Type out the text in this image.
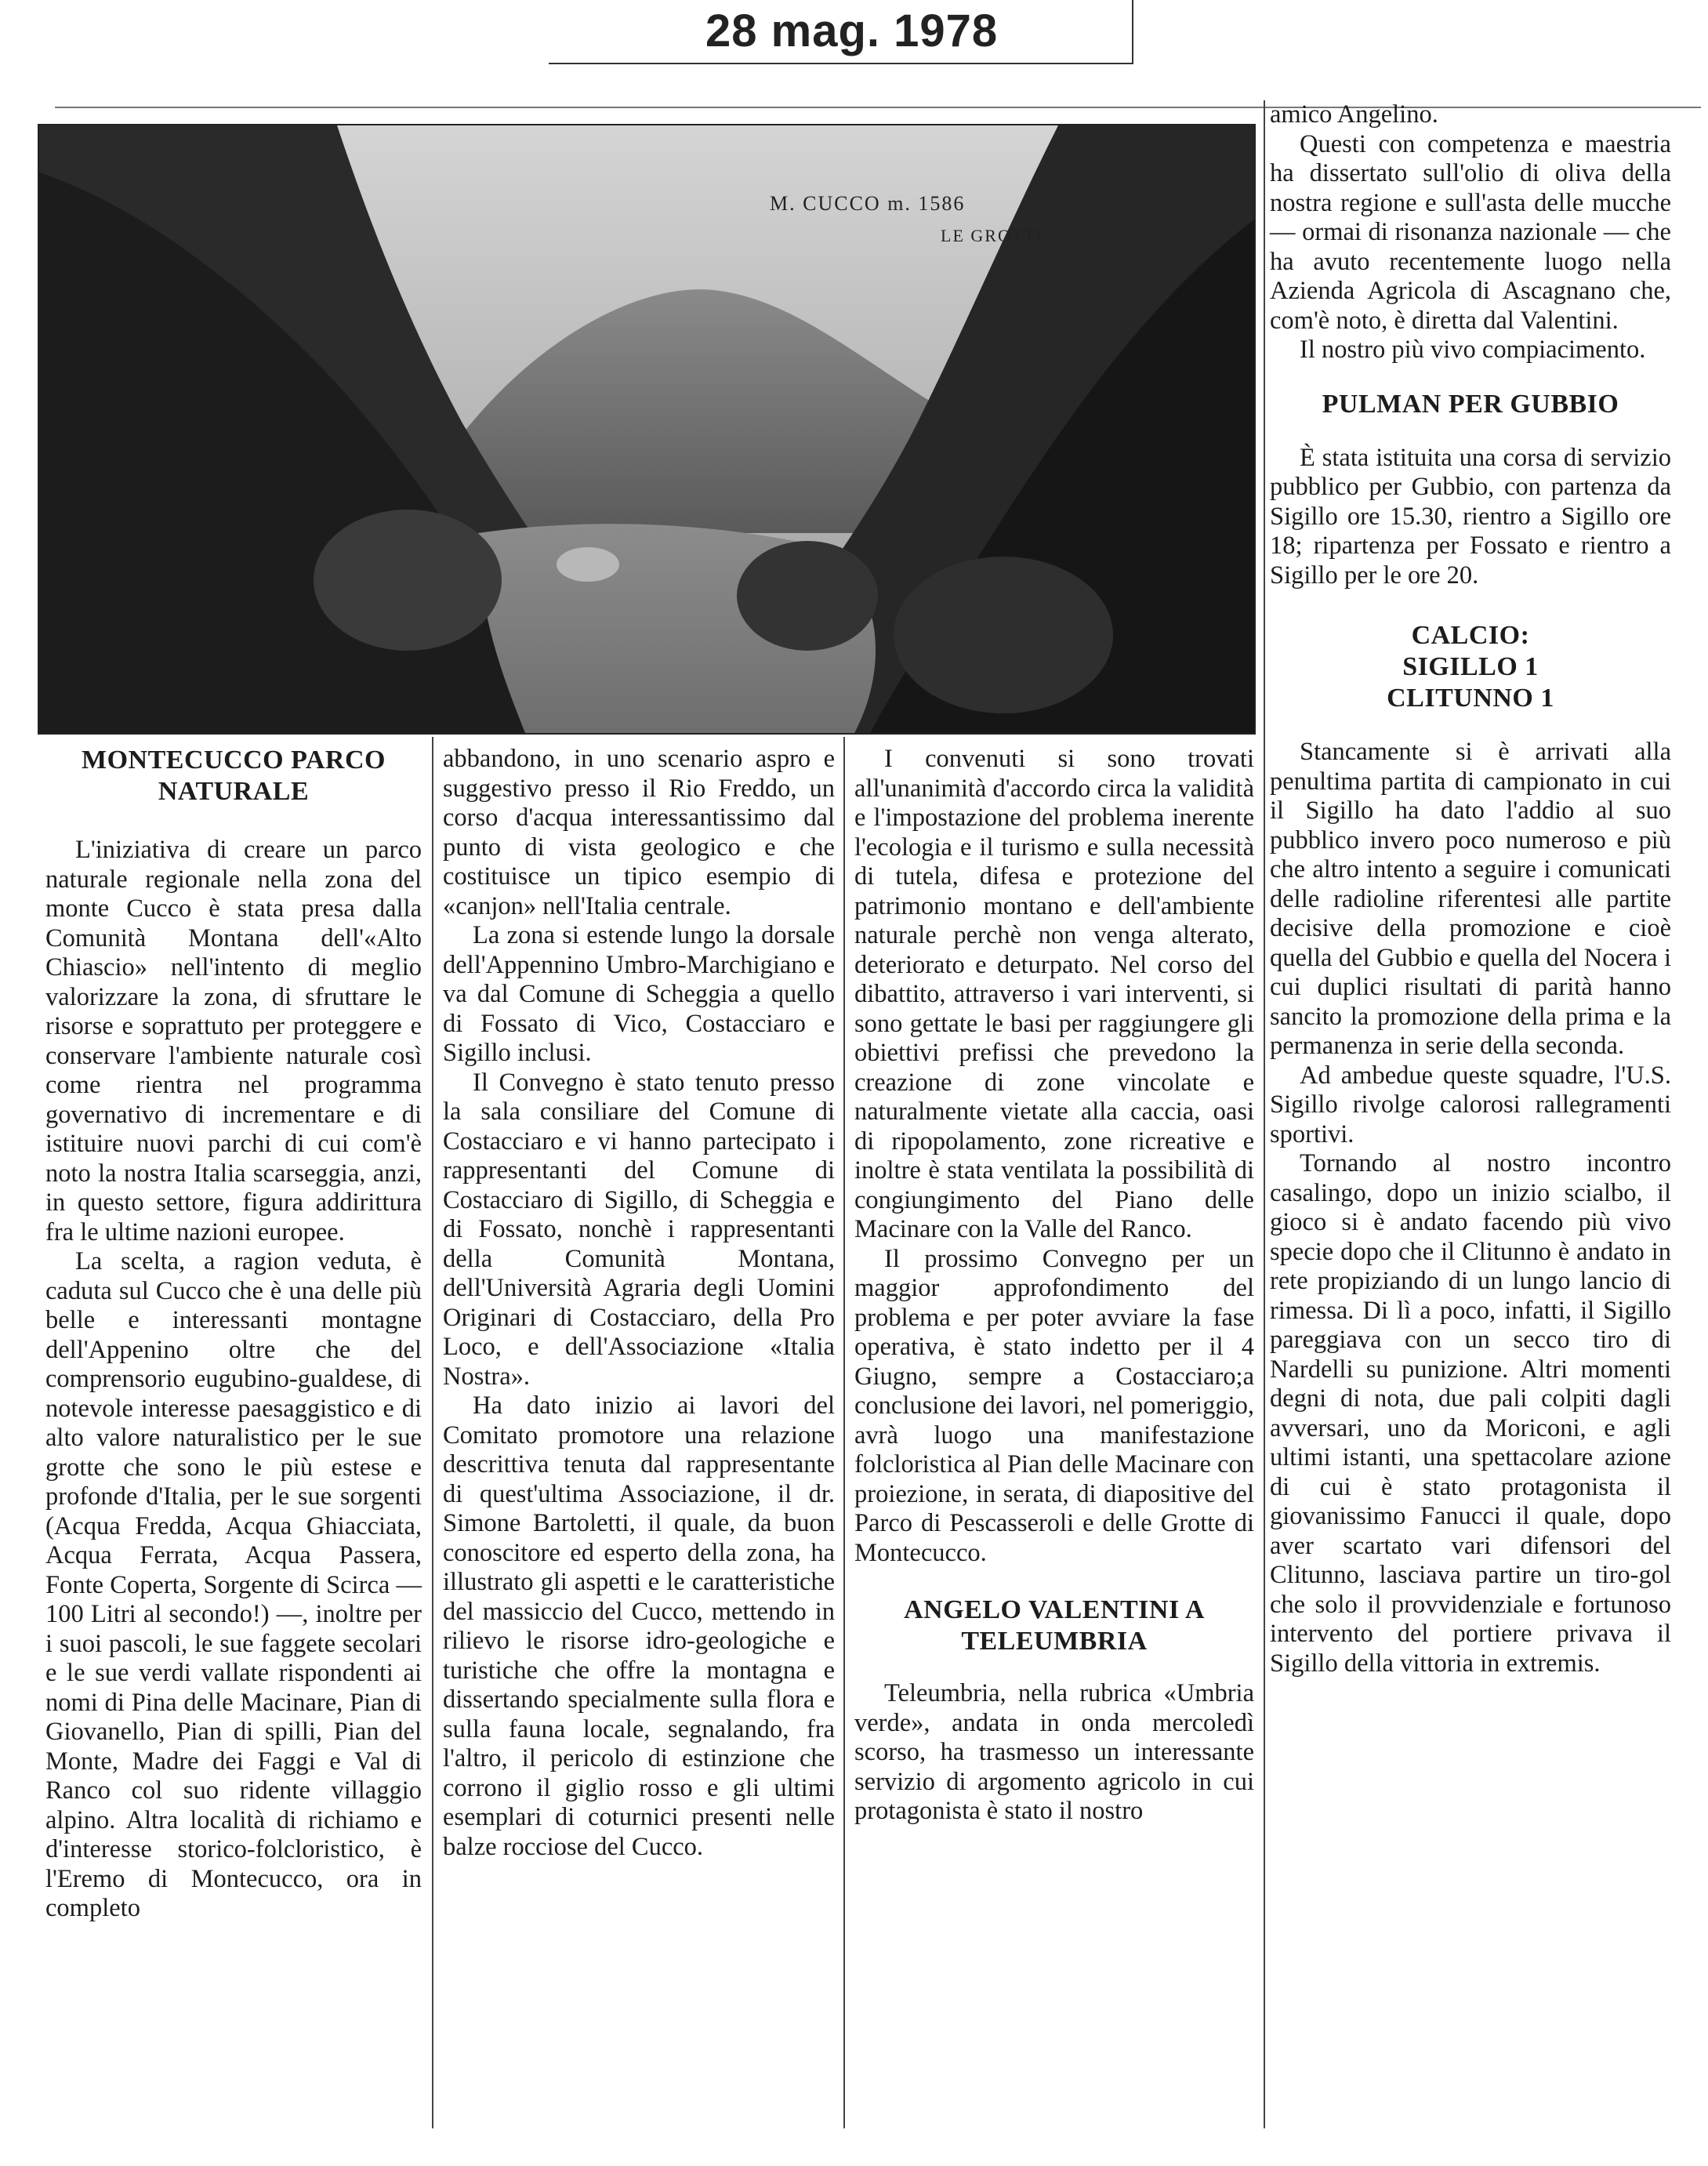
28 mag. 1978
M. CUCCO m. 1586
LE GROTTE
MONTECUCCO PARCO NATURALE

L'iniziativa di creare un parco naturale regionale nella zona del monte Cucco è stata presa dalla Comunità Montana dell'«Alto Chiascio» nell'intento di meglio valorizzare la zona, di sfruttare le risorse e soprattuto per proteggere e conservare l'ambiente naturale così come rientra nel programma governativo di incrementare e di istituire nuovi parchi di cui com'è noto la nostra Italia scarseggia, anzi, in questo settore, figura addirittura fra le ultime nazioni europee.

La scelta, a ragion veduta, è caduta sul Cucco che è una delle più belle e interessanti montagne dell'Appenino oltre che del comprensorio eugubino-gualdese, di notevole interesse paesaggistico e di alto valore naturalistico per le sue grotte che sono le più estese e profonde d'Italia, per le sue sorgenti (Acqua Fredda, Acqua Ghiacciata, Acqua Ferrata, Acqua Passera, Fonte Coperta, Sorgente di Scirca — 100 Litri al secondo!) —, inoltre per i suoi pascoli, le sue faggete secolari e le sue verdi vallate rispondenti ai nomi di Pina delle Macinare, Pian di Giovanello, Pian di spilli, Pian del Monte, Madre dei Faggi e Val di Ranco col suo ridente villaggio alpino. Altra località di richiamo e d'interesse storico-folcloristico, è l'Eremo di Montecucco, ora in completo

abbandono, in uno scenario aspro e suggestivo presso il Rio Freddo, un corso d'acqua interessantissimo dal punto di vista geologico e che costituisce un tipico esempio di «canjon» nell'Italia centrale.

La zona si estende lungo la dorsale dell'Appennino Umbro-Marchigiano e va dal Comune di Scheggia a quello di Fossato di Vico, Costacciaro e Sigillo inclusi.

Il Convegno è stato tenuto presso la sala consiliare del Comune di Costacciaro e vi hanno partecipato i rappresentanti del Comune di Costacciaro di Sigillo, di Scheggia e di Fossato, nonchè i rappresentanti della Comunità Montana, dell'Università Agraria degli Uomini Originari di Costacciaro, della Pro Loco, e dell'Associazione «Italia Nostra».

Ha dato inizio ai lavori del Comitato promotore una relazione descrittiva tenuta dal rappresentante di quest'ultima Associazione, il dr. Simone Bartoletti, il quale, da buon conoscitore ed esperto della zona, ha illustrato gli aspetti e le caratteristiche del massiccio del Cucco, mettendo in rilievo le risorse idro-geologiche e turistiche che offre la montagna e dissertando specialmente sulla flora e sulla fauna locale, segnalando, fra l'altro, il pericolo di estinzione che corrono il giglio rosso e gli ultimi esemplari di coturnici presenti nelle balze rocciose del Cucco.

I convenuti si sono trovati all'unanimità d'accordo circa la validità e l'impostazione del problema inerente l'ecologia e il turismo e sulla necessità di tutela, difesa e protezione del patrimonio montano e dell'ambiente naturale perchè non venga alterato, deteriorato e deturpato. Nel corso del dibattito, attraverso i vari interventi, si sono gettate le basi per raggiungere gli obiettivi prefissi che prevedono la creazione di zone vincolate e naturalmente vietate alla caccia, oasi di ripopolamento, zone ricreative e inoltre è stata ventilata la possibilità di congiungimento del Piano delle Macinare con la Valle del Ranco.

Il prossimo Convegno per un maggior approfondimento del problema e per poter avviare la fase operativa, è stato indetto per il 4 Giugno, sempre a Costacciaro;a conclusione dei lavori, nel pomeriggio, avrà luogo una manifestazione folcloristica al Pian delle Macinare con proiezione, in serata, di diapositive del Parco di Pescasseroli e delle Grotte di Montecucco.

ANGELO VALENTINI A TELEUMBRIA

Teleumbria, nella rubrica «Umbria verde», andata in onda mercoledì scorso, ha trasmesso un interessante servizio di argomento agricolo in cui protagonista è stato il nostro

amico Angelino.

Questi con competenza e maestria ha dissertato sull'olio di oliva della nostra regione e sull'asta delle mucche — ormai di risonanza nazionale — che ha avuto recentemente luogo nella Azienda Agricola di Ascagnano che, com'è noto, è diretta dal Valentini.

Il nostro più vivo compiacimento.

PULMAN PER GUBBIO

È stata istituita una corsa di servizio pubblico per Gubbio, con partenza da Sigillo ore 15.30, rientro a Sigillo ore 18; ripartenza per Fossato e rientro a Sigillo per le ore 20.

CALCIO:
SIGILLO 1
CLITUNNO 1

Stancamente si è arrivati alla penultima partita di campionato in cui il Sigillo ha dato l'addio al suo pubblico invero poco numeroso e più che altro intento a seguire i comunicati delle radioline riferentesi alle partite decisive della promozione e cioè quella del Gubbio e quella del Nocera i cui duplici risultati di parità hanno sancito la promozione della prima e la permanenza in serie della seconda.

Ad ambedue queste squadre, l'U.S. Sigillo rivolge calorosi rallegramenti sportivi.

Tornando al nostro incontro casalingo, dopo un inizio scialbo, il gioco si è andato facendo più vivo specie dopo che il Clitunno è andato in rete propiziando di un lungo lancio di rimessa. Di lì a poco, infatti, il Sigillo pareggiava con un secco tiro di Nardelli su punizione. Altri momenti degni di nota, due pali colpiti dagli avversari, uno da Moriconi, e agli ultimi istanti, una spettacolare azione di cui è stato protagonista il giovanissimo Fanucci il quale, dopo aver scartato vari difensori del Clitunno, lasciava partire un tiro-gol che solo il provvidenziale e fortunoso intervento del portiere privava il Sigillo della vittoria in extremis.
